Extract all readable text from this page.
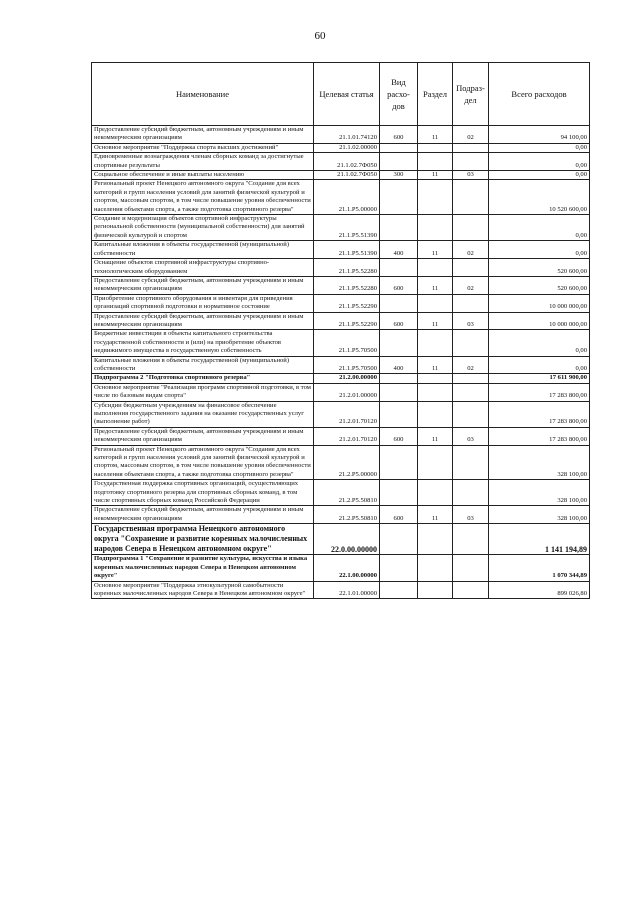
60
Наименование	Целевая статья	Вид расхо-дов	Раздел	Подраз-дел	Всего расходов
Предоставление субсидий бюджетным, автономным учреждениям и иным некоммерческим организациям	21.1.01.74120	600	11	02	94 100,00
Основное мероприятие "Поддержка спорта высших достижений"	21.1.02.00000				0,00
Единовременные вознаграждения членам сборных команд за достигнутые спортивные результаты	21.1.02.7Ф050				0,00
Социальное обеспечение и иные выплаты населению	21.1.02.7Ф050	300	11	03	0,00
Региональный проект Ненецкого автономного округа "Создание для всех категорий и групп населения условий для занятий физической культурой и спортом, массовым спортом, в том числе повышение уровня обеспеченности населения объектами спорта, а также подготовка спортивного резерва"	21.1.Р5.00000				10 520 600,00
Создание и модернизация объектов спортивной инфраструктуры региональной собственности (муниципальной собственности) для занятий физической культурой и спортом	21.1.Р5.51390				0,00
Капитальные вложения в объекты государственной (муниципальной) собственности	21.1.Р5.51390	400	11	02	0,00
Оснащение объектов спортивной инфраструктуры спортивно-технологическим оборудованием	21.1.Р5.52280				520 600,00
Предоставление субсидий бюджетным, автономным учреждениям и иным некоммерческим организациям	21.1.Р5.52280	600	11	02	520 600,00
Приобретение спортивного оборудования и инвентаря для приведения организаций спортивной подготовки в нормативное состояние	21.1.Р5.52290				10 000 000,00
Предоставление субсидий бюджетным, автономным учреждениям и иным некоммерческим организациям	21.1.Р5.52290	600	11	03	10 000 000,00
Бюджетные инвестиции в объекты капитального строительства государственной собственности и (или) на приобретение объектов недвижимого имущества в государственную собственность	21.1.Р5.70500				0,00
Капитальные вложения в объекты государственной (муниципальной) собственности	21.1.Р5.70500	400	11	02	0,00
Подпрограмма 2 "Подготовка спортивного резерва"	21.2.00.00000				17 611 900,00
Основное мероприятие "Реализация программ спортивной подготовки, в том числе по базовым видам спорта"	21.2.01.00000				17 283 800,00
Субсидии бюджетным учреждениям на финансовое обеспечение выполнения государственного задания на оказание государственных услуг (выполнение работ)	21.2.01.70120				17 283 800,00
Предоставление субсидий бюджетным, автономным учреждениям и иным некоммерческим организациям	21.2.01.70120	600	11	03	17 283 800,00
Региональный проект Ненецкого автономного округа "Создание для всех категорий и групп населения условий для занятий физической культурой и спортом, массовым спортом, в том числе повышение уровня обеспеченности населения объектами спорта, а также подготовка спортивного резерва"	21.2.Р5.00000				328 100,00
Государственная поддержка спортивных организаций, осуществляющих подготовку спортивного резерва для спортивных сборных команд, в том числе спортивных сборных команд Российской Федерации	21.2.Р5.50810				328 100,00
Предоставление субсидий бюджетным, автономным учреждениям и иным некоммерческим организациям	21.2.Р5.50810	600	11	03	328 100,00
Государственная программа Ненецкого автономного округа "Сохранение и развитие коренных малочисленных народов Севера в Ненецком автономном округе"	22.0.00.00000				1 141 194,89
Подпрограмма 1 "Сохранение и развитие культуры, искусства и языка коренных малочисленных народов Севера в Ненецком автономном округе"	22.1.00.00000				1 070 344,89
Основное мероприятие "Поддержка этнокультурной самобытности коренных малочисленных народов Севера в Ненецком автономном округе"	22.1.01.00000				899 026,80
